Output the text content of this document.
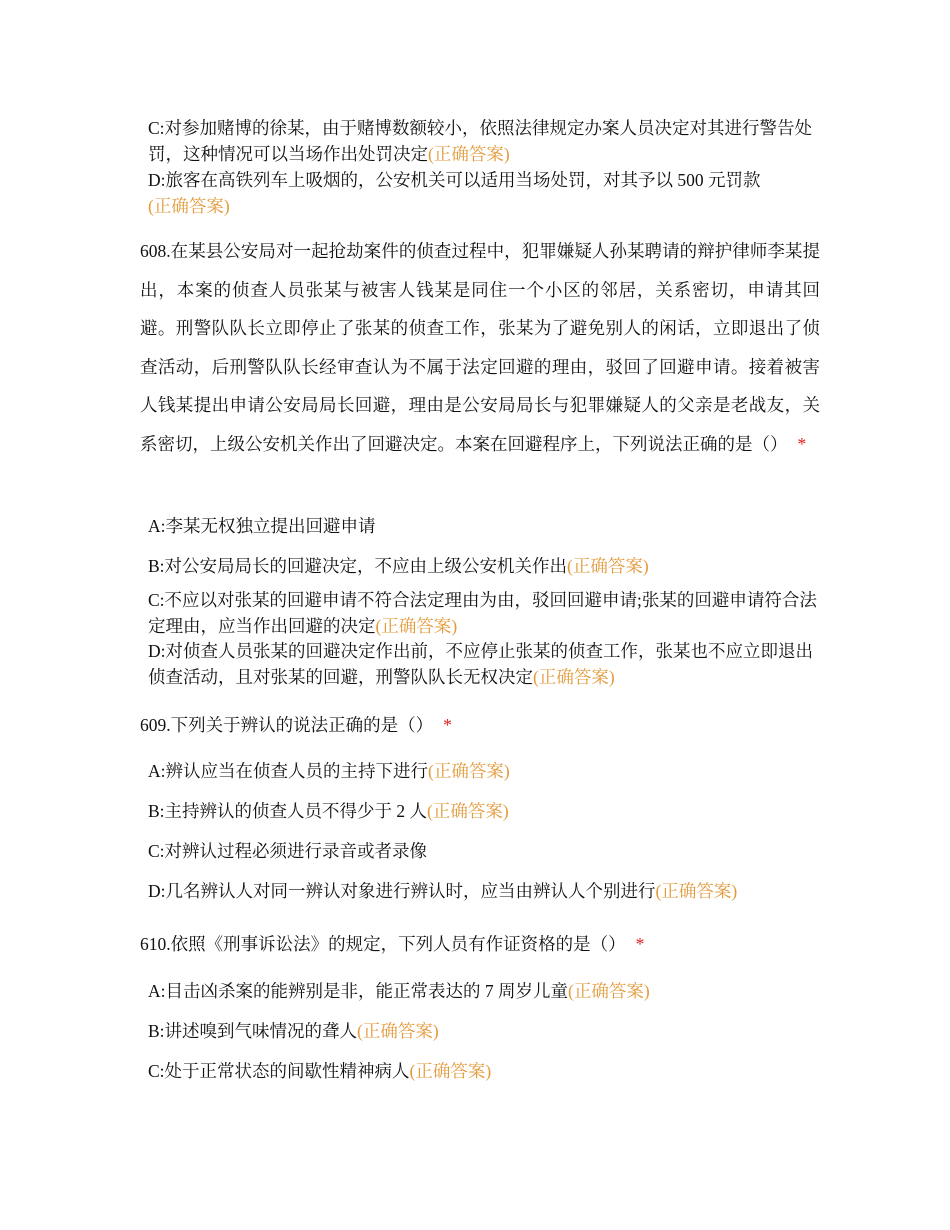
C:对参加赌博的徐某，由于赌博数额较小，依照法律规定办案人员决定对其进行警告处罚，这种情况可以当场作出处罚决定(正确答案)
D:旅客在高铁列车上吸烟的，公安机关可以适用当场处罚，对其予以 500 元罚款
(正确答案)
608.在某县公安局对一起抢劫案件的侦查过程中，犯罪嫌疑人孙某聘请的辩护律师李某提出，本案的侦查人员张某与被害人钱某是同住一个小区的邻居，关系密切，申请其回避。刑警队队长立即停止了张某的侦查工作，张某为了避免别人的闲话，立即退出了侦查活动，后刑警队队长经审查认为不属于法定回避的理由，驳回了回避申请。接着被害人钱某提出申请公安局局长回避，理由是公安局局长与犯罪嫌疑人的父亲是老战友，关系密切，上级公安机关作出了回避决定。本案在回避程序上，下列说法正确的是（） *
A:李某无权独立提出回避申请
B:对公安局局长的回避决定，不应由上级公安机关作出(正确答案)
C:不应以对张某的回避申请不符合法定理由为由，驳回回避申请;张某的回避申请符合法定理由，应当作出回避的决定(正确答案)
D:对侦查人员张某的回避决定作出前，不应停止张某的侦查工作，张某也不应立即退出侦查活动，且对张某的回避，刑警队队长无权决定(正确答案)
609.下列关于辨认的说法正确的是（） *
A:辨认应当在侦查人员的主持下进行(正确答案)
B:主持辨认的侦查人员不得少于 2 人(正确答案)
C:对辨认过程必须进行录音或者录像
D:几名辨认人对同一辨认对象进行辨认时，应当由辨认人个别进行(正确答案)
610.依照《刑事诉讼法》的规定，下列人员有作证资格的是（） *
A:目击凶杀案的能辨别是非，能正常表达的 7 周岁儿童(正确答案)
B:讲述嗅到气味情况的聋人(正确答案)
C:处于正常状态的间歇性精神病人(正确答案)
